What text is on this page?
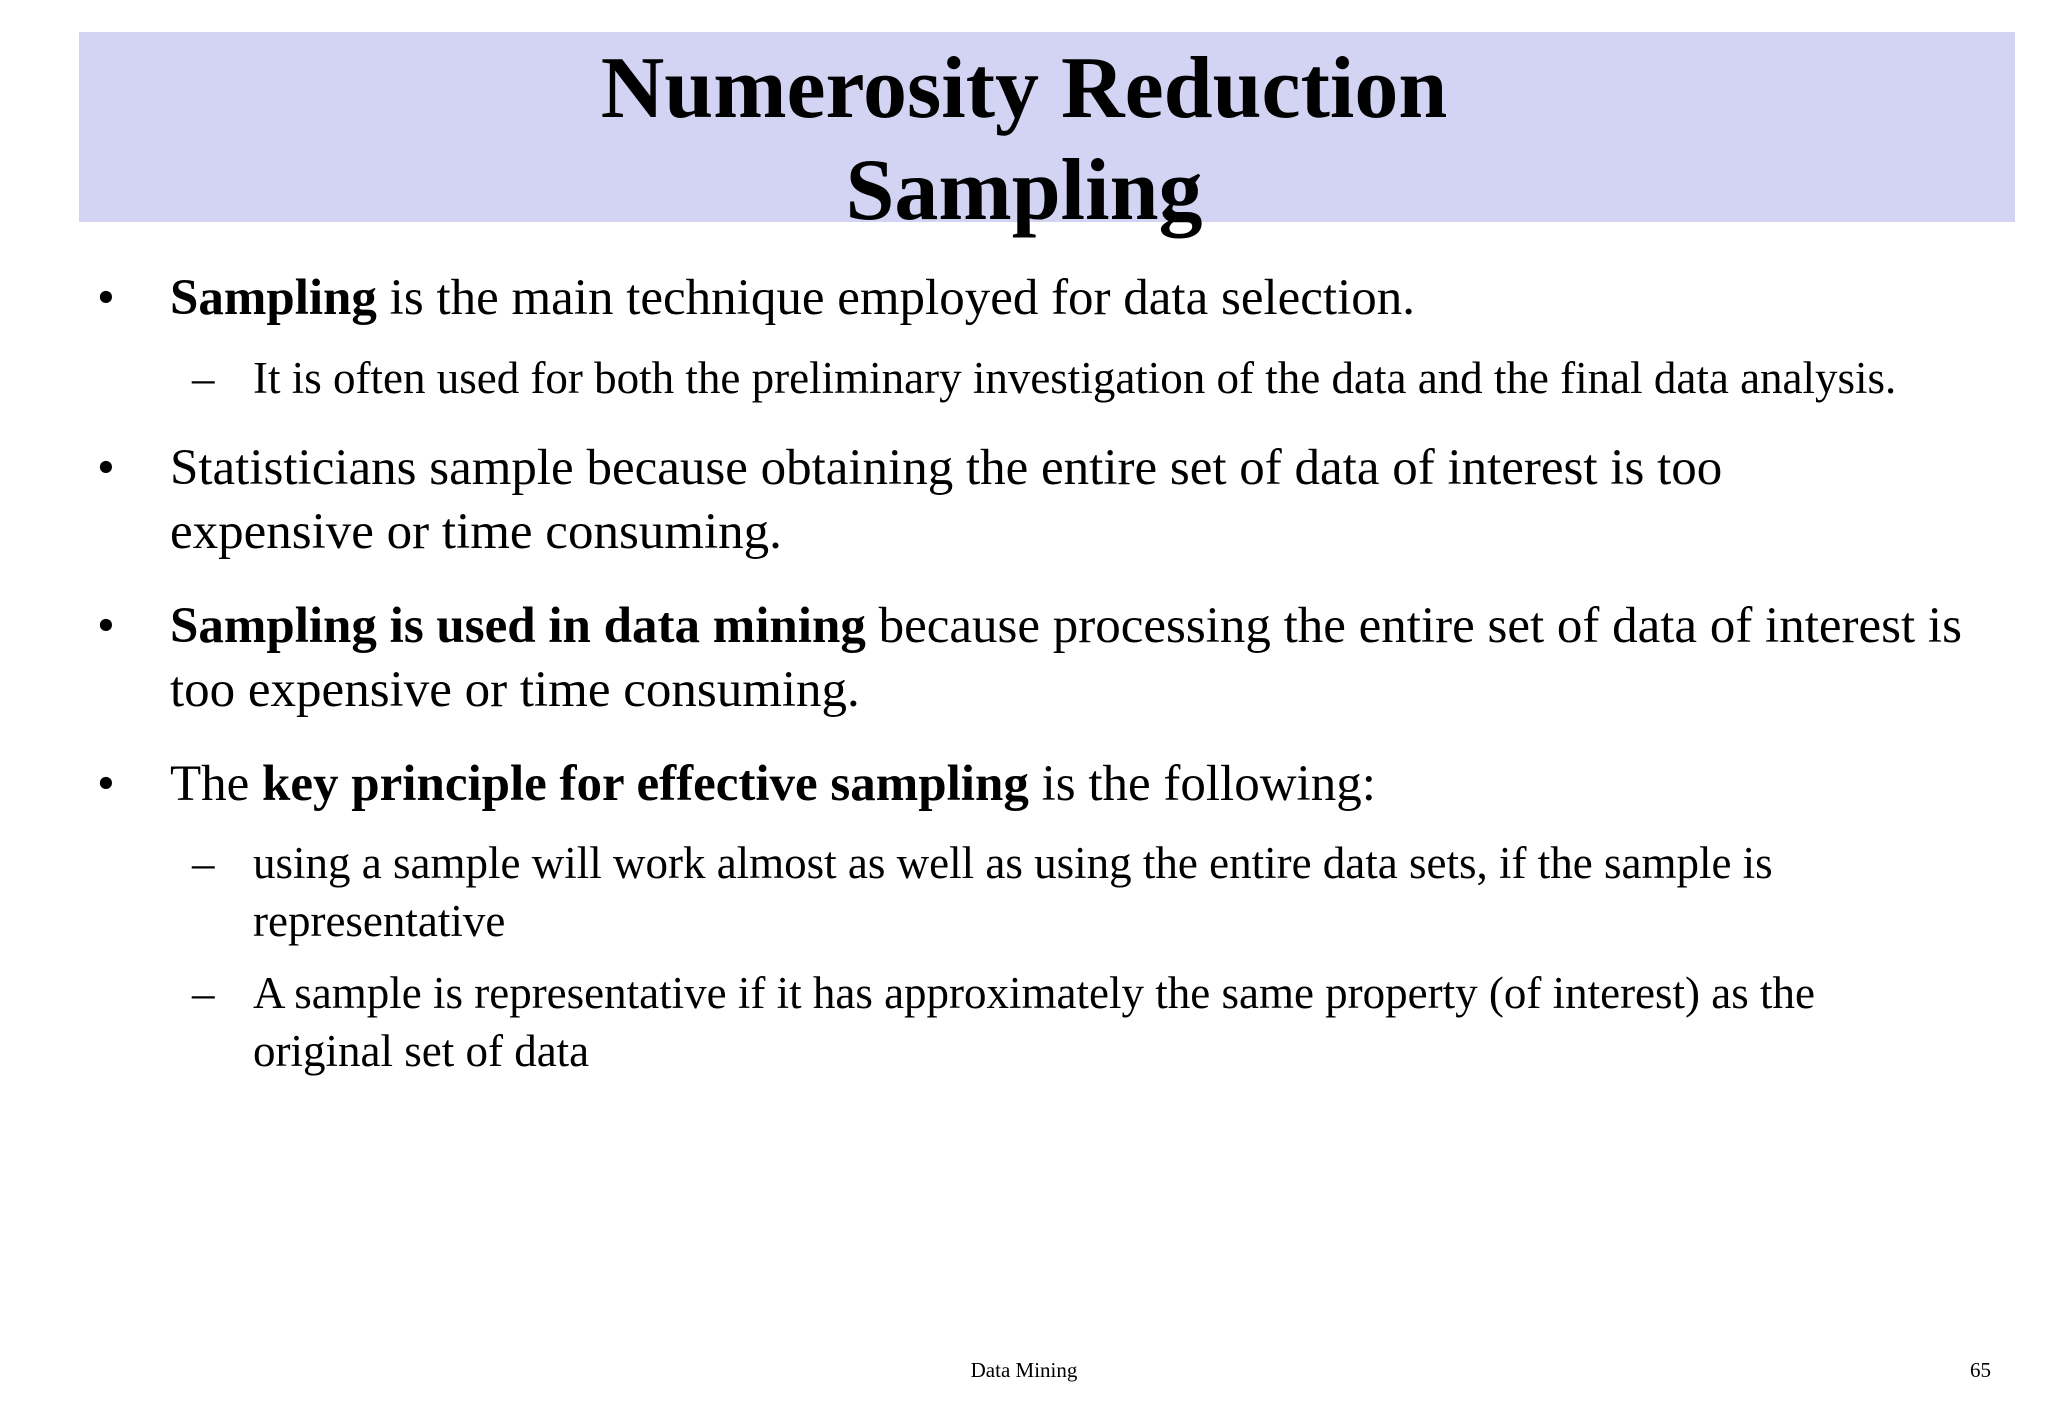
Numerosity Reduction
Sampling
• Sampling is the main technique employed for data selection.
– It is often used for both the preliminary investigation of the data and the final data analysis.
• Statisticians sample because obtaining the entire set of data of interest is too expensive or time consuming.
• Sampling is used in data mining because processing the entire set of data of interest is too expensive or time consuming.
• The key principle for effective sampling is the following:
– using a sample will work almost as well as using the entire data sets, if the sample is representative
– A sample is representative if it has approximately the same property (of interest) as the original set of data
Data Mining	65
